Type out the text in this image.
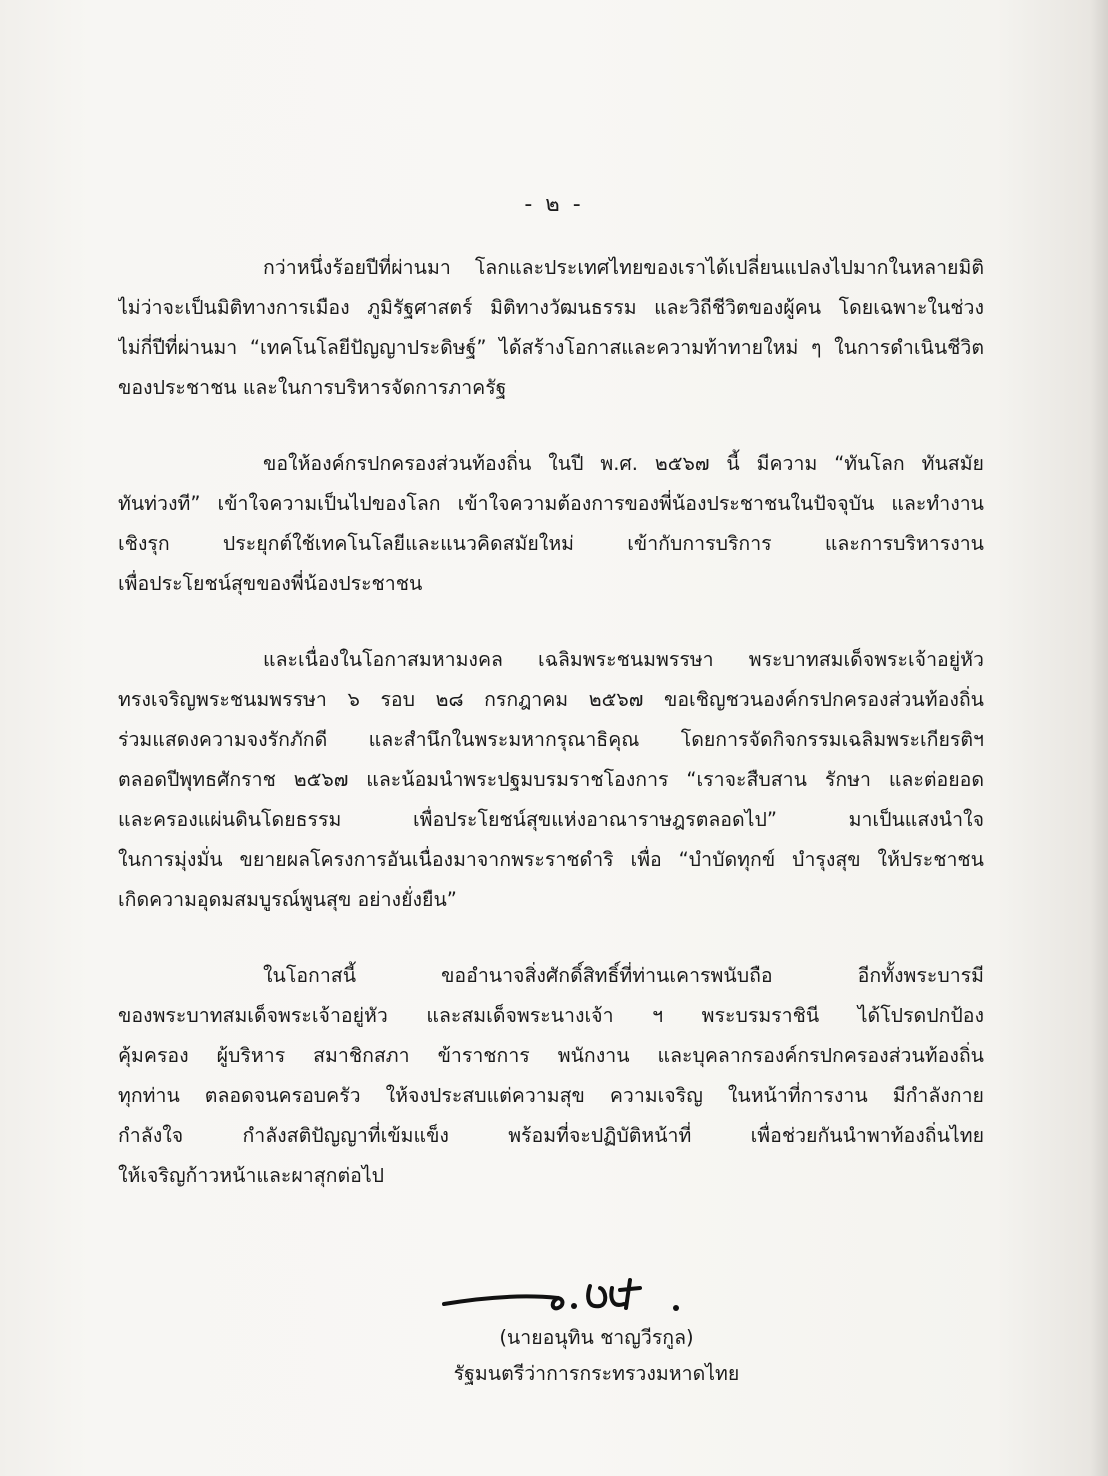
- ๒ -
กว่าหนึ่งร้อยปีที่ผ่านมา โลกและประเทศไทยของเราได้เปลี่ยนแปลงไปมากในหลายมิติ
ไม่ว่าจะเป็นมิติทางการเมือง ภูมิรัฐศาสตร์ มิติทางวัฒนธรรม และวิถีชีวิตของผู้คน โดยเฉพาะในช่วง
ไม่กี่ปีที่ผ่านมา “เทคโนโลยีปัญญาประดิษฐ์” ได้สร้างโอกาสและความท้าทายใหม่ ๆ ในการดำเนินชีวิต
ของประชาชน และในการบริหารจัดการภาครัฐ
ขอให้องค์กรปกครองส่วนท้องถิ่น ในปี พ.ศ. ๒๕๖๗ นี้ มีความ “ทันโลก ทันสมัย
ทันท่วงที” เข้าใจความเป็นไปของโลก เข้าใจความต้องการของพี่น้องประชาชนในปัจจุบัน และทำงาน
เชิงรุก ประยุกต์ใช้เทคโนโลยีและแนวคิดสมัยใหม่ เข้ากับการบริการ และการบริหารงาน
เพื่อประโยชน์สุขของพี่น้องประชาชน
และเนื่องในโอกาสมหามงคล เฉลิมพระชนมพรรษา พระบาทสมเด็จพระเจ้าอยู่หัว
ทรงเจริญพระชนมพรรษา ๖ รอบ ๒๘ กรกฎาคม ๒๕๖๗ ขอเชิญชวนองค์กรปกครองส่วนท้องถิ่น
ร่วมแสดงความจงรักภักดี และสำนึกในพระมหากรุณาธิคุณ โดยการจัดกิจกรรมเฉลิมพระเกียรติฯ
ตลอดปีพุทธศักราช ๒๕๖๗ และน้อมนำพระปฐมบรมราชโองการ “เราจะสืบสาน รักษา และต่อยอด
และครองแผ่นดินโดยธรรม เพื่อประโยชน์สุขแห่งอาณาราษฎรตลอดไป” มาเป็นแสงนำใจ
ในการมุ่งมั่น ขยายผลโครงการอันเนื่องมาจากพระราชดำริ เพื่อ “บำบัดทุกข์ บำรุงสุข ให้ประชาชน
เกิดความอุดมสมบูรณ์พูนสุข อย่างยั่งยืน”
ในโอกาสนี้ ขออำนาจสิ่งศักดิ์สิทธิ์ที่ท่านเคารพนับถือ อีกทั้งพระบารมี
ของพระบาทสมเด็จพระเจ้าอยู่หัว และสมเด็จพระนางเจ้า ฯ พระบรมราชินี ได้โปรดปกป้อง
คุ้มครอง ผู้บริหาร สมาชิกสภา ข้าราชการ พนักงาน และบุคลากรองค์กรปกครองส่วนท้องถิ่น
ทุกท่าน ตลอดจนครอบครัว ให้จงประสบแต่ความสุข ความเจริญ ในหน้าที่การงาน มีกำลังกาย
กำลังใจ กำลังสติปัญญาที่เข้มแข็ง พร้อมที่จะปฏิบัติหน้าที่ เพื่อช่วยกันนำพาท้องถิ่นไทย
ให้เจริญก้าวหน้าและผาสุกต่อไป
(นายอนุทิน ชาญวีรกูล)
รัฐมนตรีว่าการกระทรวงมหาดไทย
